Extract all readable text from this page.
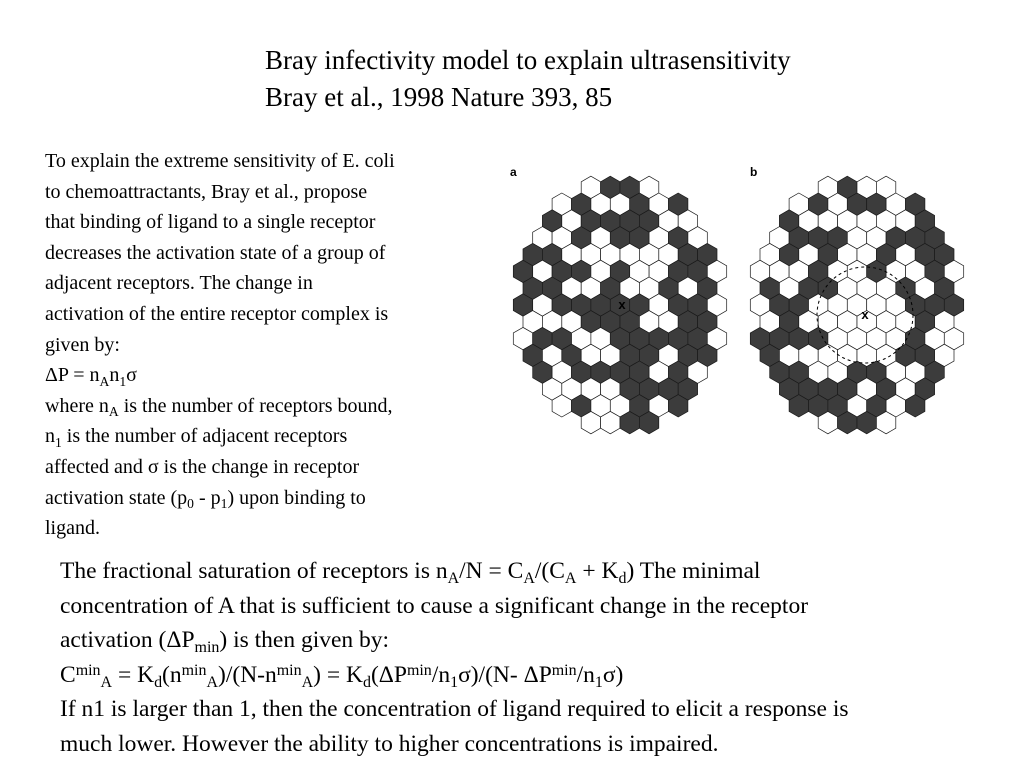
Bray infectivity model to explain ultrasensitivity
Bray et al., 1998 Nature 393, 85
To explain the extreme sensitivity of E. coli
to chemoattractants, Bray et al., propose
that binding of ligand to a single receptor
decreases the activation state of a group of
adjacent receptors. The change in
activation of the entire receptor complex is
given by:
$\Delta P = n_An_1\sigma$
where $n_A$ is the number of receptors bound,
$n_1$ is the number of adjacent receptors
affected and σ is the change in receptor
activation state $(p_0 - p_1)$ upon binding to
ligand.
a	b
x
x
The fractional saturation of receptors is $n_A/N = C_A/(C_A + K_d)$ The minimal
concentration of A that is sufficient to cause a significant change in the receptor
activation $(\Delta P_{min})$ is then given by:
$C^{min}_A = K_d(n^{min}_A)/(N-n^{min}_A) = K_d(\Delta P^{min}/n_1\sigma)/(N-$ $\Delta P^{min}/n_1\sigma$)
If n1 is larger than 1, then the concentration of ligand required to elicit a response is
much lower. However the ability to higher concentrations is impaired.
